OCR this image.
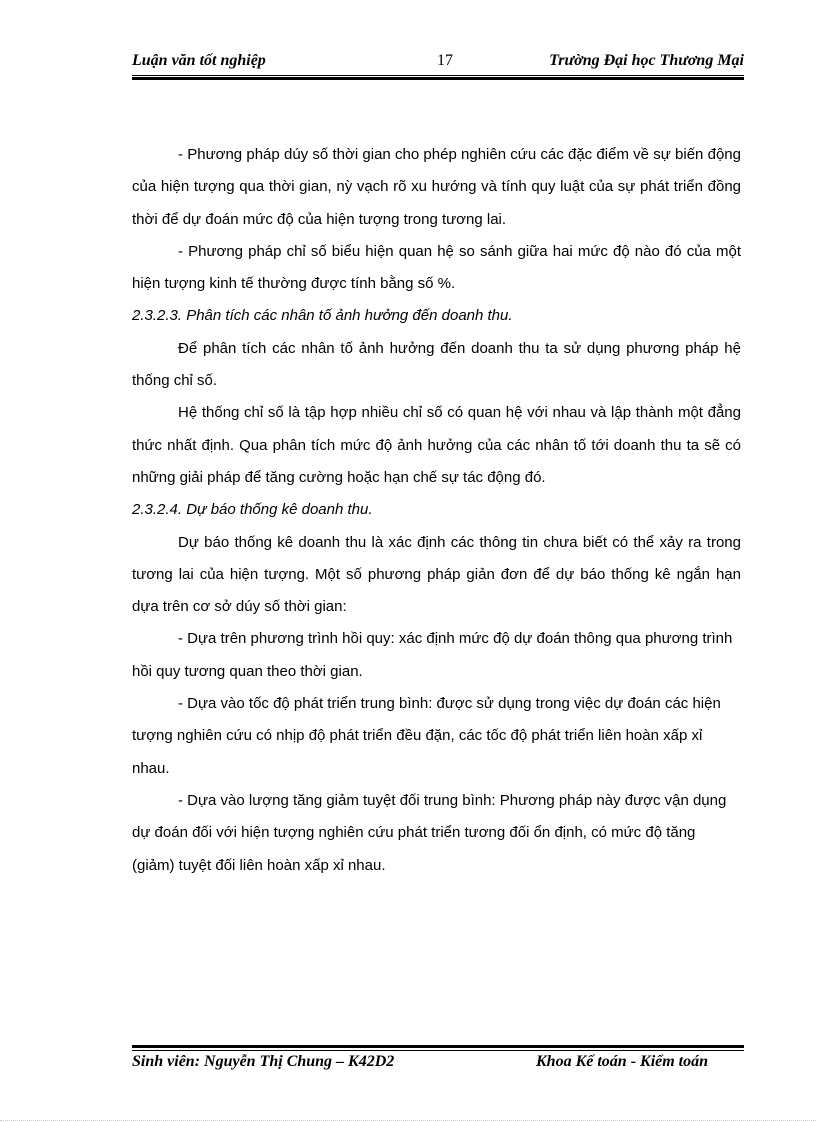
Luận văn tốt nghiệp	17	Trường Đại học Thương Mại

- Phương pháp dúy số thời gian cho phép nghiên cứu các đặc điểm về sự biến động của hiện tượng qua thời gian, nỳ vạch rõ xu hướng và tính quy luật của sự phát triển đồng thời để dự đoán mức độ của hiện tượng trong tương lai.

- Phương pháp chỉ số biểu hiện quan hệ so sánh giữa hai mức độ nào đó của một hiện tượng kinh tế thường được tính bằng số %.

2.3.2.3. Phân tích các nhân tố ảnh hưởng đến doanh thu.

Để phân tích các nhân tố ảnh hưởng đến doanh thu ta sử dụng phương pháp hệ thống chỉ số.

Hệ thống chỉ số là tập hợp nhiều chỉ số có quan hệ với nhau và lập thành một đẳng thức nhất định. Qua phân tích mức độ ảnh hưởng của các nhân tố tới doanh thu ta sẽ có những giải pháp để tăng cường hoặc hạn chế sự tác động đó.

2.3.2.4. Dự báo thống kê doanh thu.

Dự báo thống kê doanh thu là xác định các thông tin chưa biết có thể xảy ra trong tương lai của hiện tượng. Một số phương pháp giản đơn để dự báo thống kê ngắn hạn dựa trên cơ sở dúy số thời gian:

- Dựa trên phương trình hồi quy: xác định mức độ dự đoán thông qua phương trình hồi quy tương quan theo thời gian.

- Dựa vào tốc độ phát triển trung bình: được sử dụng trong việc dự đoán các hiện tượng nghiên cứu có nhịp độ phát triển đều đặn, các tốc độ phát triển liên hoàn xấp xỉ nhau.

- Dựa vào lượng tăng giảm tuyệt đối trung bình: Phương pháp này được vận dụng dự đoán đối với hiện tượng nghiên cứu phát triển tương đối ổn định, có mức độ tăng (giảm) tuyệt đối liên hoàn xấp xỉ nhau.

Sinh viên: Nguyễn Thị Chung – K42D2	Khoa Kế toán - Kiểm toán
